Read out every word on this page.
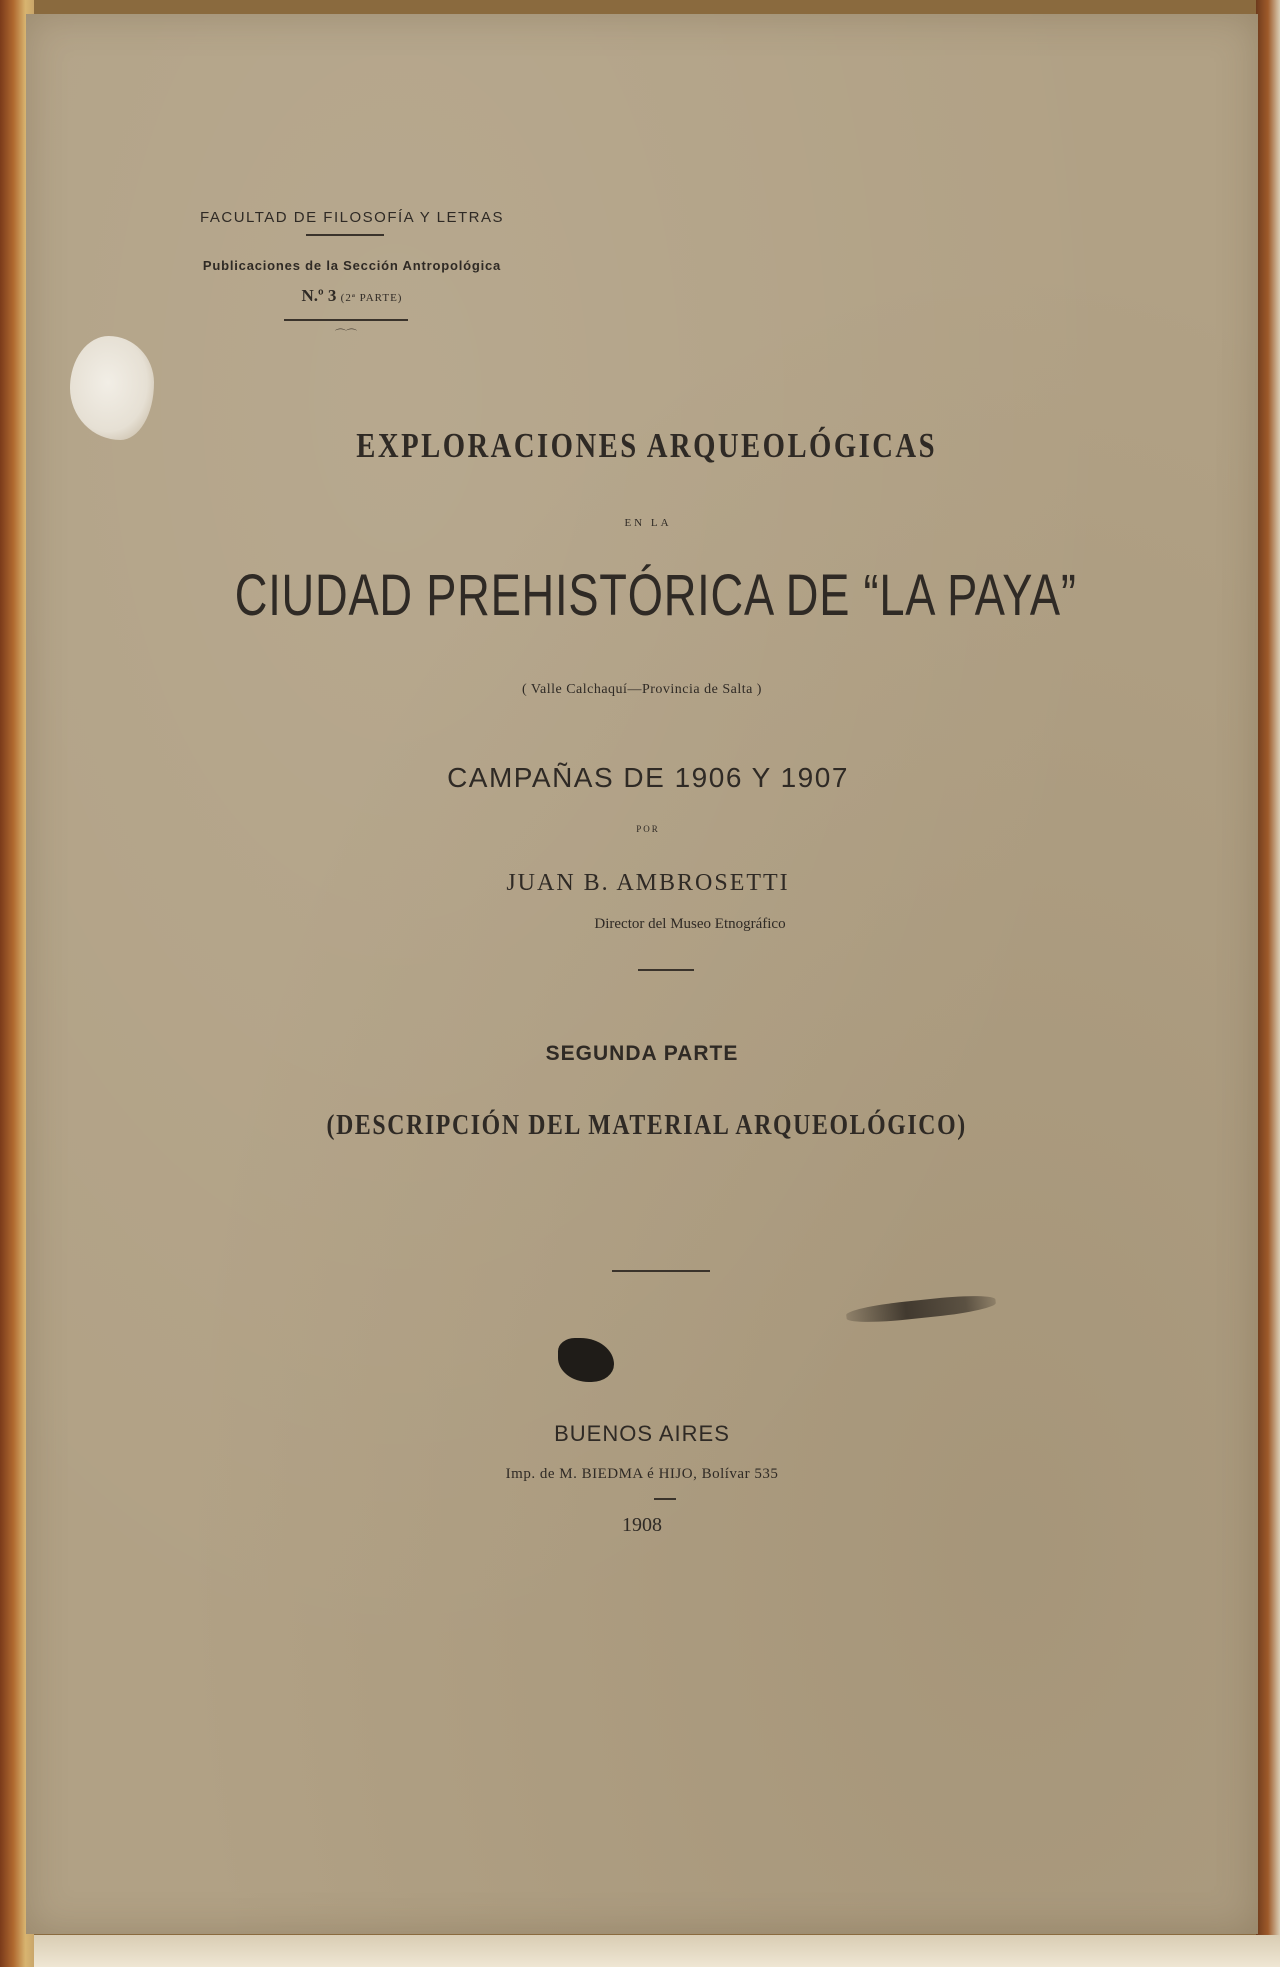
FACULTAD DE FILOSOFÍA Y LETRAS

Publicaciones de la Sección Antropológica

N.º 3 (2ª PARTE)

⌒⌒

EXPLORACIONES ARQUEOLÓGICAS

EN LA

CIUDAD PREHISTÓRICA DE “LA PAYA”

( Valle Calchaquí—Provincia de Salta )

CAMPAÑAS DE 1906 Y 1907

POR

JUAN B. AMBROSETTI

Director del Museo Etnográfico

SEGUNDA PARTE

(DESCRIPCIÓN DEL MATERIAL ARQUEOLÓGICO)

BUENOS AIRES

Imp. de M. BIEDMA é HIJO, Bolívar 535

1908
